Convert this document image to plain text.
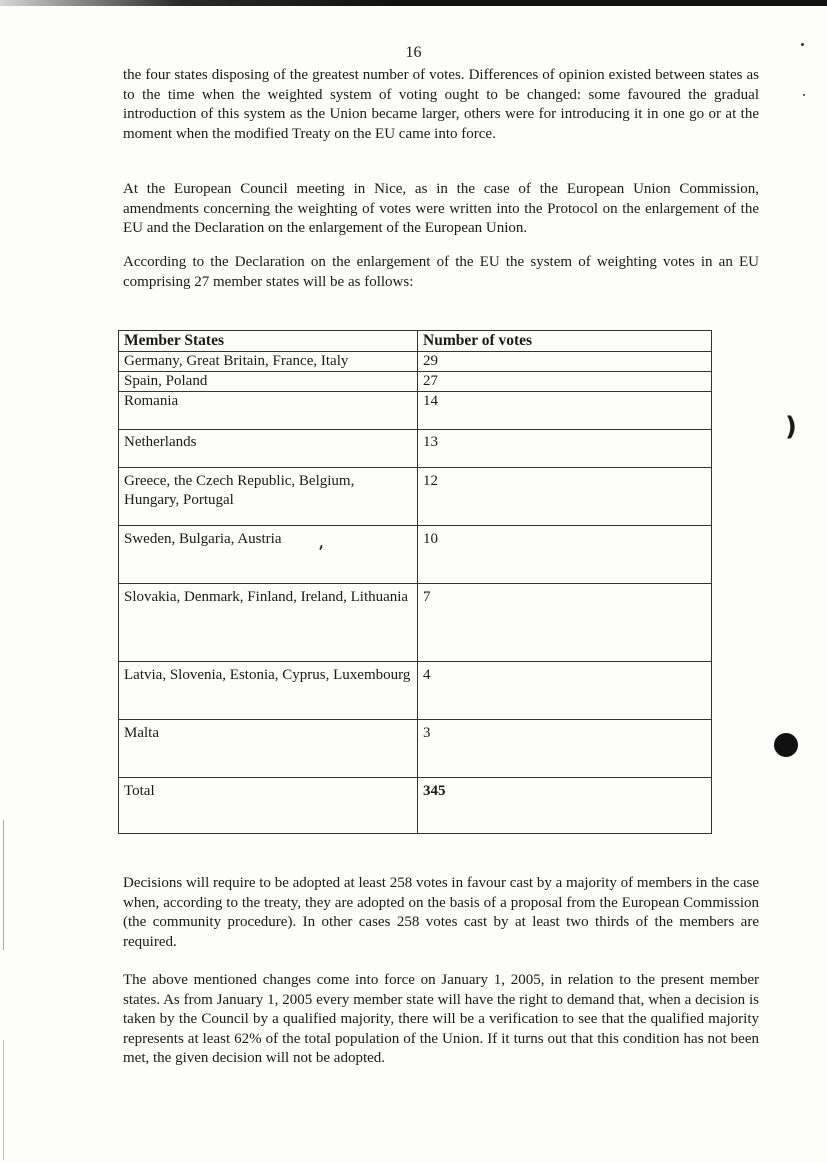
16

the four states disposing of the greatest number of votes. Differences of opinion existed between states as to the time when the weighted system of voting ought to be changed: some favoured the gradual introduction of this system as the Union became larger, others were for introducing it in one go or at the moment when the modified Treaty on the EU came into force.

At the European Council meeting in Nice, as in the case of the European Union Commission, amendments concerning the weighting of votes were written into the Protocol on the enlargement of the EU and the Declaration on the enlargement of the European Union.

According to the Declaration on the enlargement of the EU the system of weighting votes in an EU comprising 27 member states will be as follows:

Member States	Number of votes
Germany, Great Britain, France, Italy	29
Spain, Poland	27
Romania	14
Netherlands	13
Greece, the Czech Republic, Belgium, Hungary, Portugal	12
Sweden, Bulgaria, Austria	10
Slovakia, Denmark, Finland, Ireland, Lithuania	7
Latvia, Slovenia, Estonia, Cyprus, Luxembourg	4
Malta	3
Total	345

Decisions will require to be adopted at least 258 votes in favour cast by a majority of members in the case when, according to the treaty, they are adopted on the basis of a proposal from the European Commission (the community procedure). In other cases 258 votes cast by at least two thirds of the members are required.

The above mentioned changes come into force on January 1, 2005, in relation to the present member states. As from January 1, 2005 every member state will have the right to demand that, when a decision is taken by the Council by a qualified majority, there will be a verification to see that the qualified majority represents at least 62% of the total population of the Union. If it turns out that this condition has not been met, the given decision will not be adopted.

)
